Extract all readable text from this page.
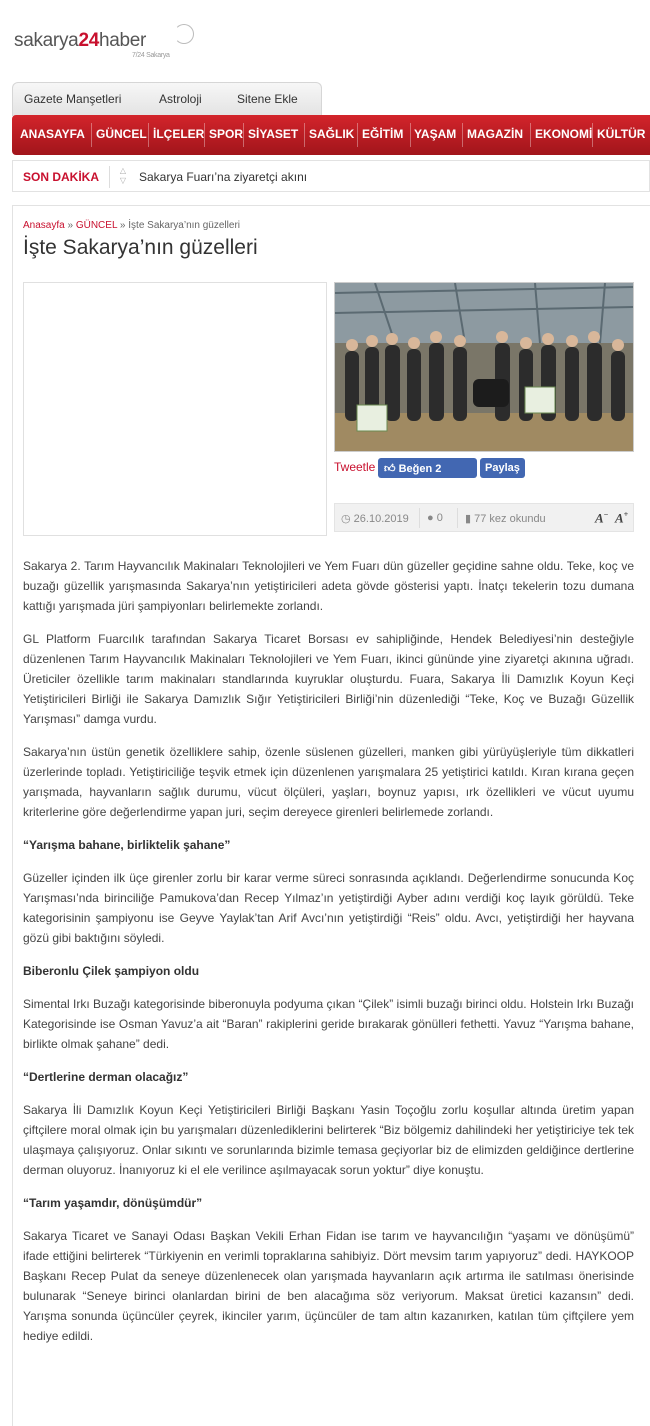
sakarya24haber
7/24 Sakarya
Gazete Manşetleri	Astroloji	Sitene Ekle
ANASAYFA GÜNCEL İLÇELER SPOR SİYASET SAĞLIK EĞİTİM YAŞAM MAGAZİN EKONOMİ KÜLTÜR
SON DAKİKA	△
▽ Sakarya Fuarı’na ziyaretçi akını
Anasayfa » GÜNCEL » İşte Sakarya’nın güzelleri
İşte Sakarya’nın güzelleri
Tweetle 👍︎ Beğen 2	Paylaş
◷ 26.10.2019 ● 0 ▮ 77 kez okundu	A− A+

Sakarya 2. Tarım Hayvancılık Makinaları Teknolojileri ve Yem Fuarı dün güzeller geçidine sahne oldu. Teke, koç ve buzağı güzellik yarışmasında Sakarya’nın yetiştiricileri adeta gövde gösterisi yaptı. İnatçı tekelerin tozu dumana kattığı yarışmada jüri şampiyonları belirlemekte zorlandı.

GL Platform Fuarcılık tarafından Sakarya Ticaret Borsası ev sahipliğinde, Hendek Belediyesi’nin desteğiyle düzenlenen Tarım Hayvancılık Makinaları Teknolojileri ve Yem Fuarı, ikinci gününde yine ziyaretçi akınına uğradı. Üreticiler özellikle tarım makinaları standlarında kuyruklar oluşturdu. Fuara, Sakarya İli Damızlık Koyun Keçi Yetiştiricileri Birliği ile Sakarya Damızlık Sığır Yetiştiricileri Birliği’nin düzenlediği “Teke, Koç ve Buzağı Güzellik Yarışması” damga vurdu.

Sakarya’nın üstün genetik özelliklere sahip, özenle süslenen güzelleri, manken gibi yürüyüşleriyle tüm dikkatleri üzerlerinde topladı. Yetiştiriciliğe teşvik etmek için düzenlenen yarışmalara 25 yetiştirici katıldı. Kıran kırana geçen yarışmada, hayvanların sağlık durumu, vücut ölçüleri, yaşları, boynuz yapısı, ırk özellikleri ve vücut uyumu kriterlerine göre değerlendirme yapan juri, seçim dereyece girenleri belirlemede zorlandı.

“Yarışma bahane, birliktelik şahane”

Güzeller içinden ilk üçe girenler zorlu bir karar verme süreci sonrasında açıklandı. Değerlendirme sonucunda Koç Yarışması’nda birinciliğe Pamukova’dan Recep Yılmaz’ın yetiştirdiği Ayber adını verdiği koç layık görüldü. Teke kategorisinin şampiyonu ise Geyve Yaylak’tan Arif Avcı’nın yetiştirdiği “Reis” oldu. Avcı, yetiştirdiği her hayvana gözü gibi baktığını söyledi.

Biberonlu Çilek şampiyon oldu

Simental Irkı Buzağı kategorisinde biberonuyla podyuma çıkan “Çilek” isimli buzağı birinci oldu. Holstein Irkı Buzağı Kategorisinde ise Osman Yavuz’a ait “Baran” rakiplerini geride bırakarak gönülleri fethetti. Yavuz “Yarışma bahane, birlikte olmak şahane” dedi.

“Dertlerine derman olacağız”

Sakarya İli Damızlık Koyun Keçi Yetiştiricileri Birliği Başkanı Yasin Toçoğlu zorlu koşullar altında üretim yapan çiftçilere moral olmak için bu yarışmaları düzenlediklerini belirterek “Biz bölgemiz dahilindeki her yetiştiriciye tek tek ulaşmaya çalışıyoruz. Onlar sıkıntı ve sorunlarında bizimle temasa geçiyorlar biz de elimizden geldiğince dertlerine derman oluyoruz. İnanıyoruz ki el ele verilince aşılmayacak sorun yoktur” diye konuştu.

“Tarım yaşamdır, dönüşümdür”

Sakarya Ticaret ve Sanayi Odası Başkan Vekili Erhan Fidan ise tarım ve hayvancılığın “yaşamı ve dönüşümü” ifade ettiğini belirterek “Türkiyenin en verimli topraklarına sahibiyiz. Dört mevsim tarım yapıyoruz” dedi. HAYKOOP Başkanı Recep Pulat da seneye düzenlenecek olan yarışmada hayvanların açık artırma ile satılması önerisinde bulunarak “Seneye birinci olanlardan birini de ben alacağıma söz veriyorum. Maksat üretici kazansın” dedi. Yarışma sonunda üçüncüler çeyrek, ikinciler yarım, üçüncüler de tam altın kazanırken, katılan tüm çiftçilere yem hediye edildi.
